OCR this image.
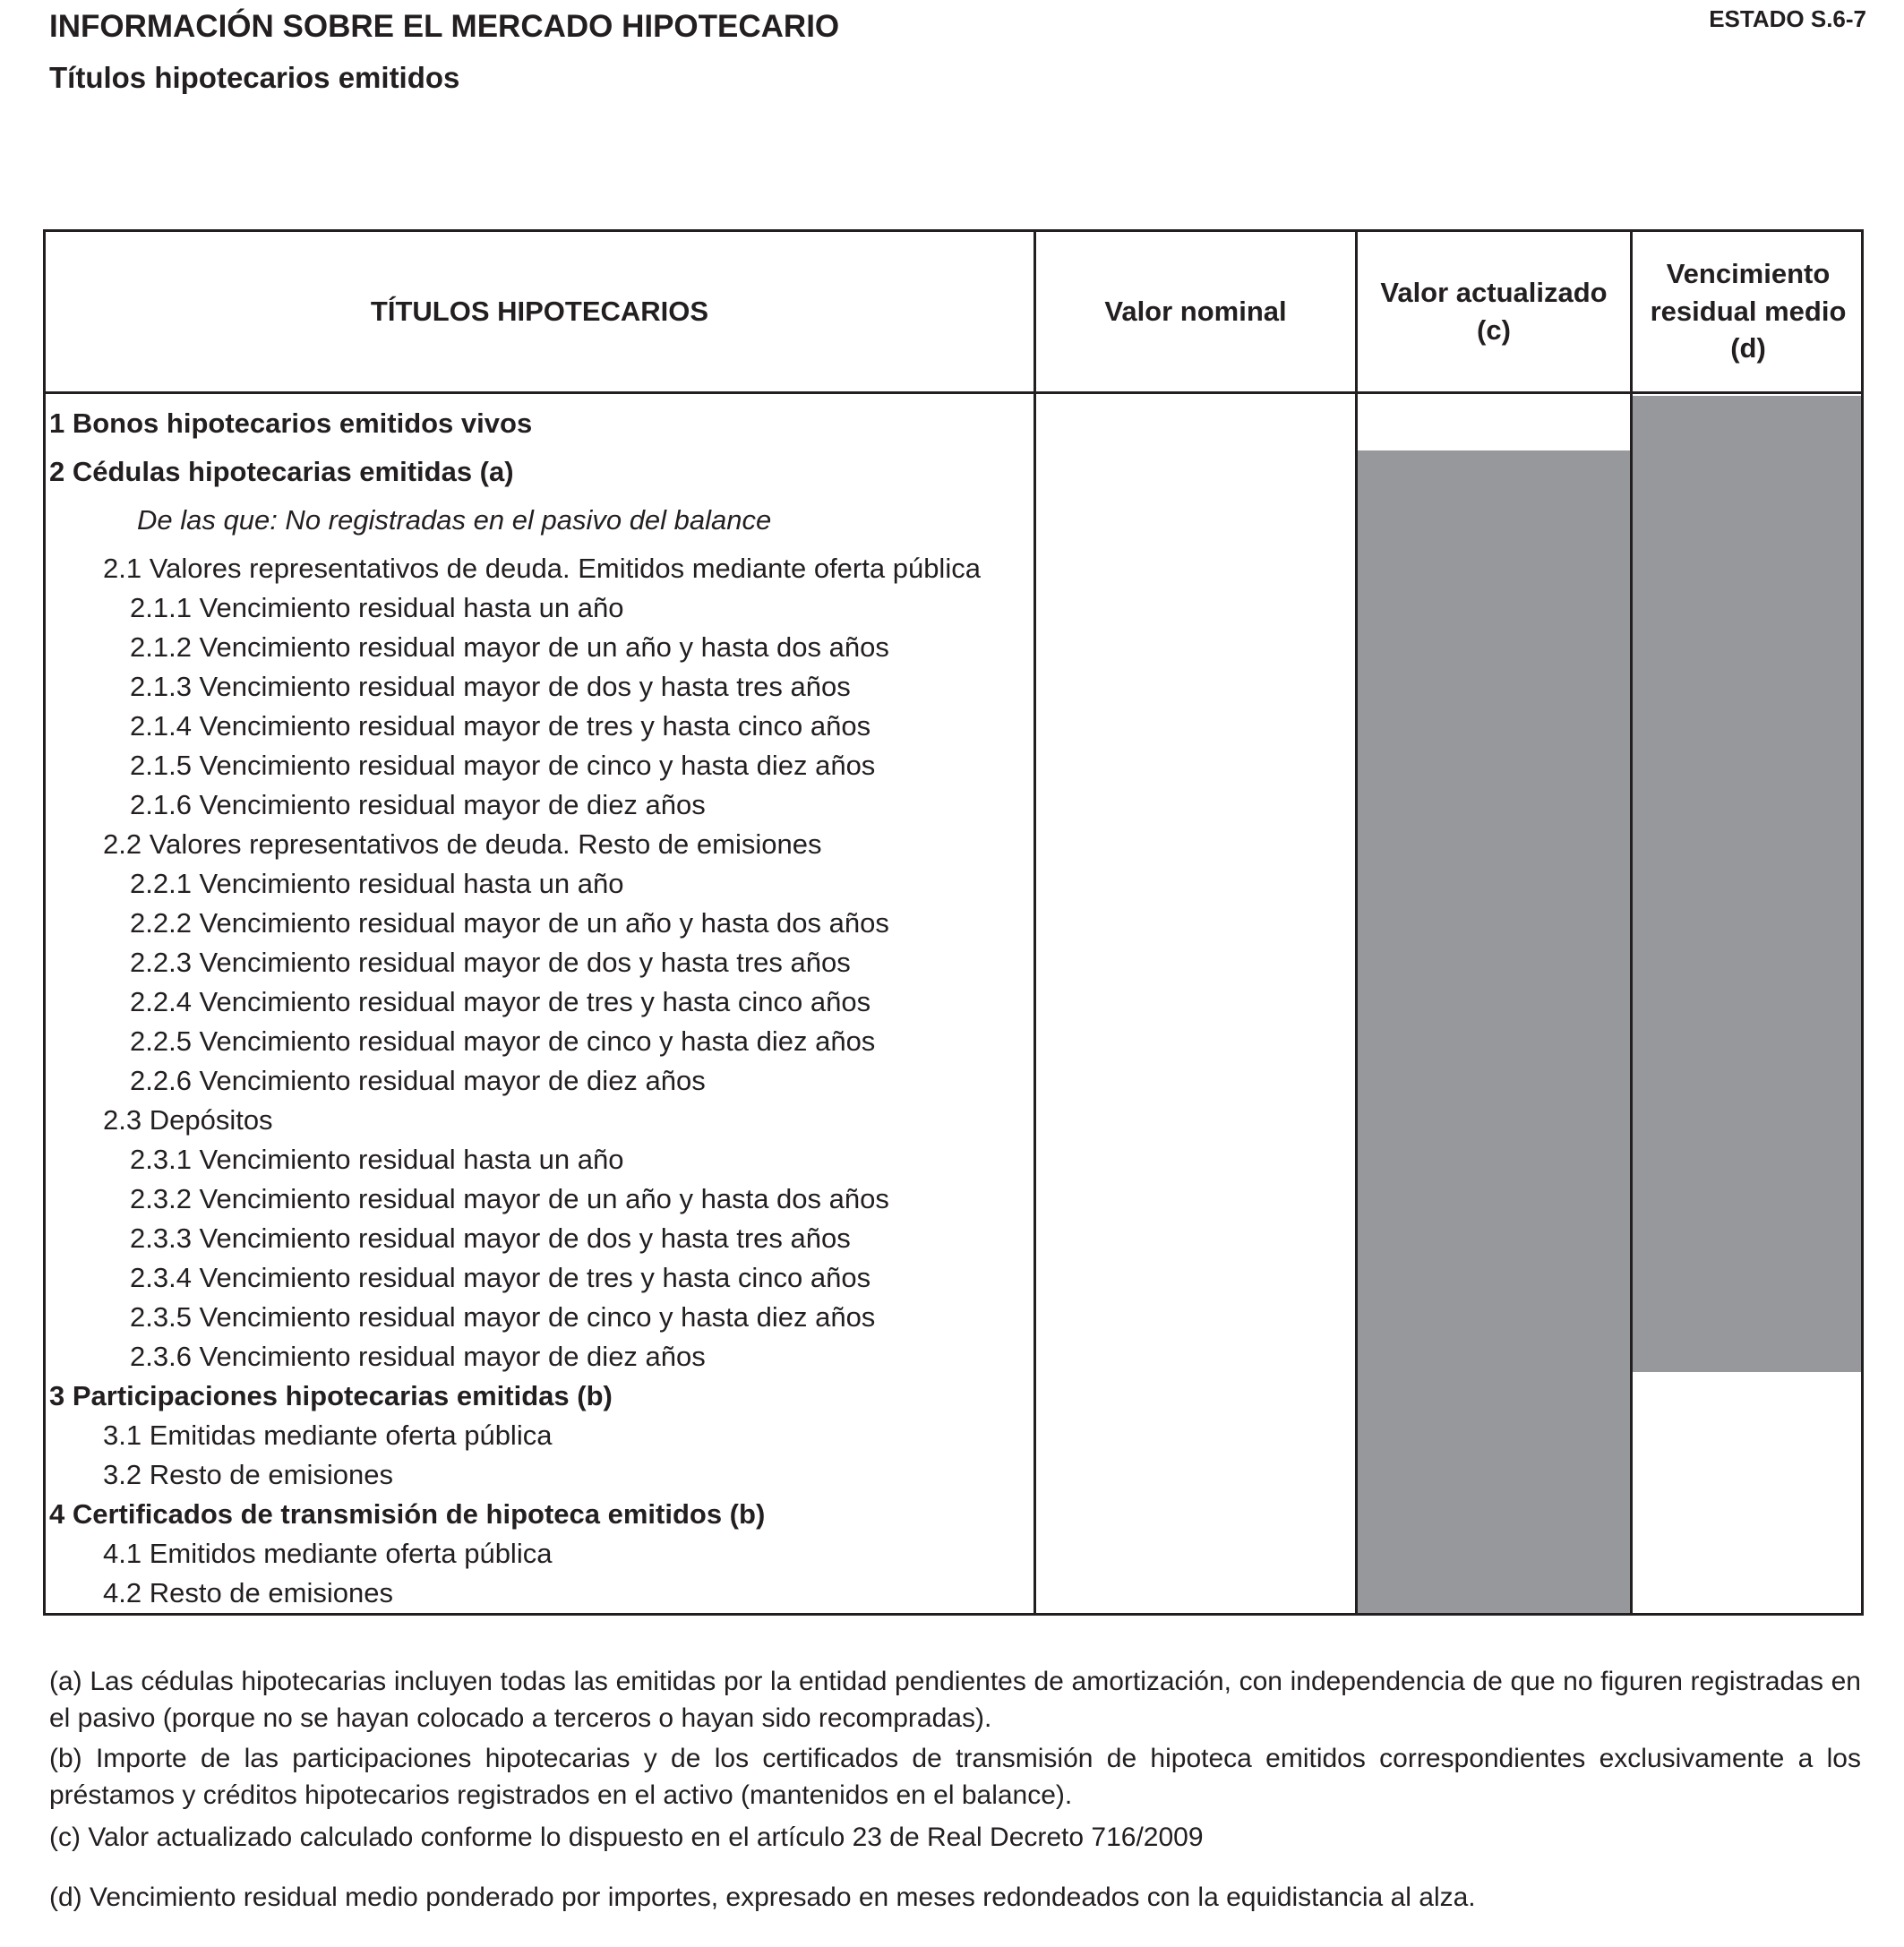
INFORMACIÓN SOBRE EL MERCADO HIPOTECARIO
Títulos hipotecarios emitidos
ESTADO S.6-7
TÍTULOS HIPOTECARIOS	Valor nominal
Valor actualizado
(c)
Vencimiento
residual medio (d)
1 Bonos hipotecarios emitidos vivos
2 Cédulas hipotecarias emitidas (a)
De las que: No registradas en el pasivo del balance
2.1 Valores representativos de deuda. Emitidos mediante oferta pública
2.1.1 Vencimiento residual hasta un año
2.1.2 Vencimiento residual mayor de un año y hasta dos años
2.1.3 Vencimiento residual mayor de dos y hasta tres años
2.1.4 Vencimiento residual mayor de tres y hasta cinco años
2.1.5 Vencimiento residual mayor de cinco y hasta diez años
2.1.6 Vencimiento residual mayor de diez años
2.2 Valores representativos de deuda. Resto de emisiones
2.2.1 Vencimiento residual hasta un año
2.2.2 Vencimiento residual mayor de un año y hasta dos años
2.2.3 Vencimiento residual mayor de dos y hasta tres años
2.2.4 Vencimiento residual mayor de tres y hasta cinco años
2.2.5 Vencimiento residual mayor de cinco y hasta diez años
2.2.6 Vencimiento residual mayor de diez años
2.3 Depósitos
2.3.1 Vencimiento residual hasta un año
2.3.2 Vencimiento residual mayor de un año y hasta dos años
2.3.3 Vencimiento residual mayor de dos y hasta tres años
2.3.4 Vencimiento residual mayor de tres y hasta cinco años
2.3.5 Vencimiento residual mayor de cinco y hasta diez años
2.3.6 Vencimiento residual mayor de diez años
3 Participaciones hipotecarias emitidas (b)
3.1 Emitidas mediante oferta pública
3.2 Resto de emisiones
4 Certificados de transmisión de hipoteca emitidos (b)
4.1 Emitidos mediante oferta pública
4.2 Resto de emisiones
(a) Las cédulas hipotecarias incluyen todas las emitidas por la entidad pendientes de amortización, con independencia de que no figuren registradas en el pasivo (porque no se hayan colocado a terceros o hayan sido recompradas).
(b) Importe de las participaciones hipotecarias y de los certificados de transmisión de hipoteca emitidos correspondientes exclusivamente a los préstamos y créditos hipotecarios registrados en el activo (mantenidos en el balance).
(c) Valor actualizado calculado conforme lo dispuesto en el artículo 23 de Real Decreto 716/2009
(d) Vencimiento residual medio ponderado por importes, expresado en meses redondeados con la equidistancia al alza.
